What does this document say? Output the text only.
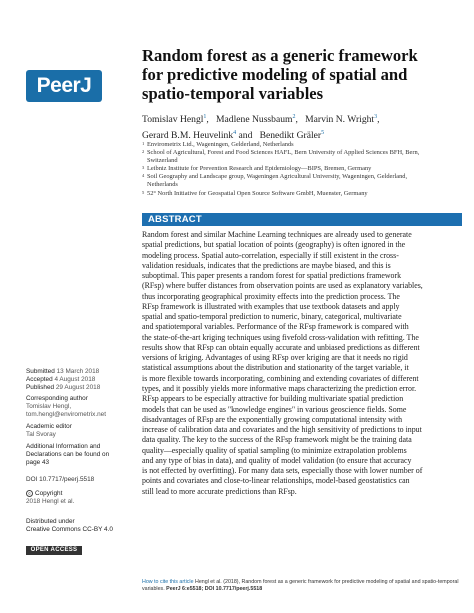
PeerJ
Random forest as a generic framework
for predictive modeling of spatial and
spatio-temporal variables
Tomislav Hengl$^1$,   Madlene Nussbaum$^2$,   Marvin N. Wright$^3$,
Gerard B.M. Heuvelink$^4$ and   Benedikt Gräler$^5$
1 Envirometrix Ltd., Wageningen, Gelderland, Netherlands
2 School of Agricultural, Forest and Food Sciences HAFL, Bern University of Applied Sciences BFH, Bern,
Switzerland
3 Leibniz Institute for Prevention Research and Epidemiology—BIPS, Bremen, Germany
4 Soil Geography and Landscape group, Wageningen Agricultural University, Wageningen, Gelderland,
Netherlands
5 52° North Initiative for Geospatial Open Source Software GmbH, Muenster, Germany
ABSTRACT
Random forest and similar Machine Learning techniques are already used to generate
spatial predictions, but spatial location of points (geography) is often ignored in the
modeling process. Spatial auto-correlation, especially if still existent in the cross-
validation residuals, indicates that the predictions are maybe biased, and this is
suboptimal. This paper presents a random forest for spatial predictions framework
(RFsp) where buffer distances from observation points are used as explanatory variables,
thus incorporating geographical proximity effects into the prediction process. The
RFsp framework is illustrated with examples that use textbook datasets and apply
spatial and spatio-temporal prediction to numeric, binary, categorical, multivariate
and spatiotemporal variables. Performance of the RFsp framework is compared with
the state-of-the-art kriging techniques using fivefold cross-validation with refitting. The
results show that RFsp can obtain equally accurate and unbiased predictions as different
versions of kriging. Advantages of using RFsp over kriging are that it needs no rigid
statistical assumptions about the distribution and stationarity of the target variable, it
is more flexible towards incorporating, combining and extending covariates of different
types, and it possibly yields more informative maps characterizing the prediction error.
RFsp appears to be especially attractive for building multivariate spatial prediction
models that can be used as "knowledge engines" in various geoscience fields. Some
disadvantages of RFsp are the exponentially growing computational intensity with
increase of calibration data and covariates and the high sensitivity of predictions to input
data quality. The key to the success of the RFsp framework might be the training data
quality—especially quality of spatial sampling (to minimize extrapolation problems
and any type of bias in data), and quality of model validation (to ensure that accuracy
is not effected by overfitting). For many data sets, especially those with lower number of
points and covariates and close-to-linear relationships, model-based geostatistics can
still lead to more accurate predictions than RFsp.
Submitted 13 March 2018
Accepted 4 August 2018
Published 29 August 2018
Corresponding author
Tomislav Hengl,
tom.hengl@envirometrix.net
Academic editor
Tal Svoray
Additional Information and
Declarations can be found on
page 43
DOI 10.7717/peerj.5518
© Copyright
2018 Hengl et al.
Distributed under
Creative Commons CC-BY 4.0
OPEN ACCESS
How to cite this article Hengl et al. (2018), Random forest as a generic framework for predictive modeling of spatial and spatio-temporal
variables. PeerJ 6:e5518; DOI 10.7717/peerj.5518
